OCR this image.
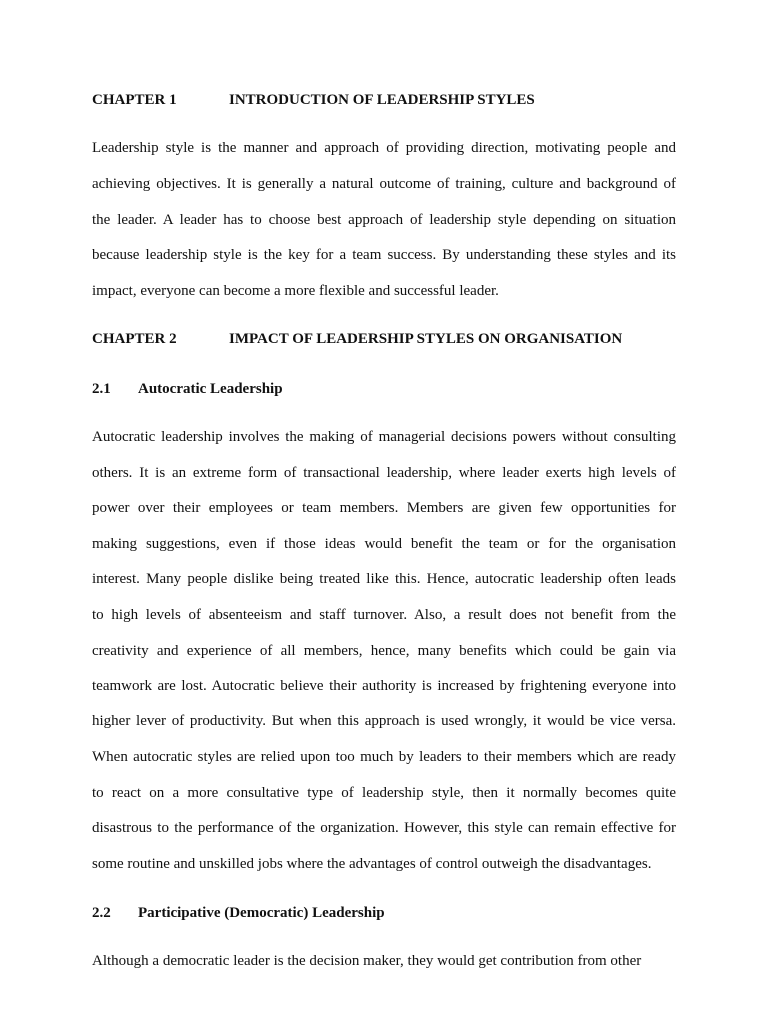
CHAPTER 1	INTRODUCTION OF LEADERSHIP STYLES
Leadership style is the manner and approach of providing direction, motivating people and
achieving objectives. It is generally a natural outcome of training, culture and background of
the leader. A leader has to choose best approach of leadership style depending on situation
because leadership style is the key for a team success. By understanding these styles and its
impact, everyone can become a more flexible and successful leader.
CHAPTER 2	IMPACT OF LEADERSHIP STYLES ON ORGANISATION
2.1 Autocratic Leadership
Autocratic leadership involves the making of managerial decisions powers without consulting
others. It is an extreme form of transactional leadership, where leader exerts high levels of
power over their employees or team members. Members are given few opportunities for
making suggestions, even if those ideas would benefit the team or for the organisation
interest. Many people dislike being treated like this. Hence, autocratic leadership often leads
to high levels of absenteeism and staff turnover. Also, a result does not benefit from the
creativity and experience of all members, hence, many benefits which could be gain via
teamwork are lost. Autocratic believe their authority is increased by frightening everyone into
higher lever of productivity. But when this approach is used wrongly, it would be vice versa.
When autocratic styles are relied upon too much by leaders to their members which are ready
to react on a more consultative type of leadership style, then it normally becomes quite
disastrous to the performance of the organization. However, this style can remain effective for
some routine and unskilled jobs where the advantages of control outweigh the disadvantages.
2.2 Participative (Democratic) Leadership
Although a democratic leader is the decision maker, they would get contribution from other
